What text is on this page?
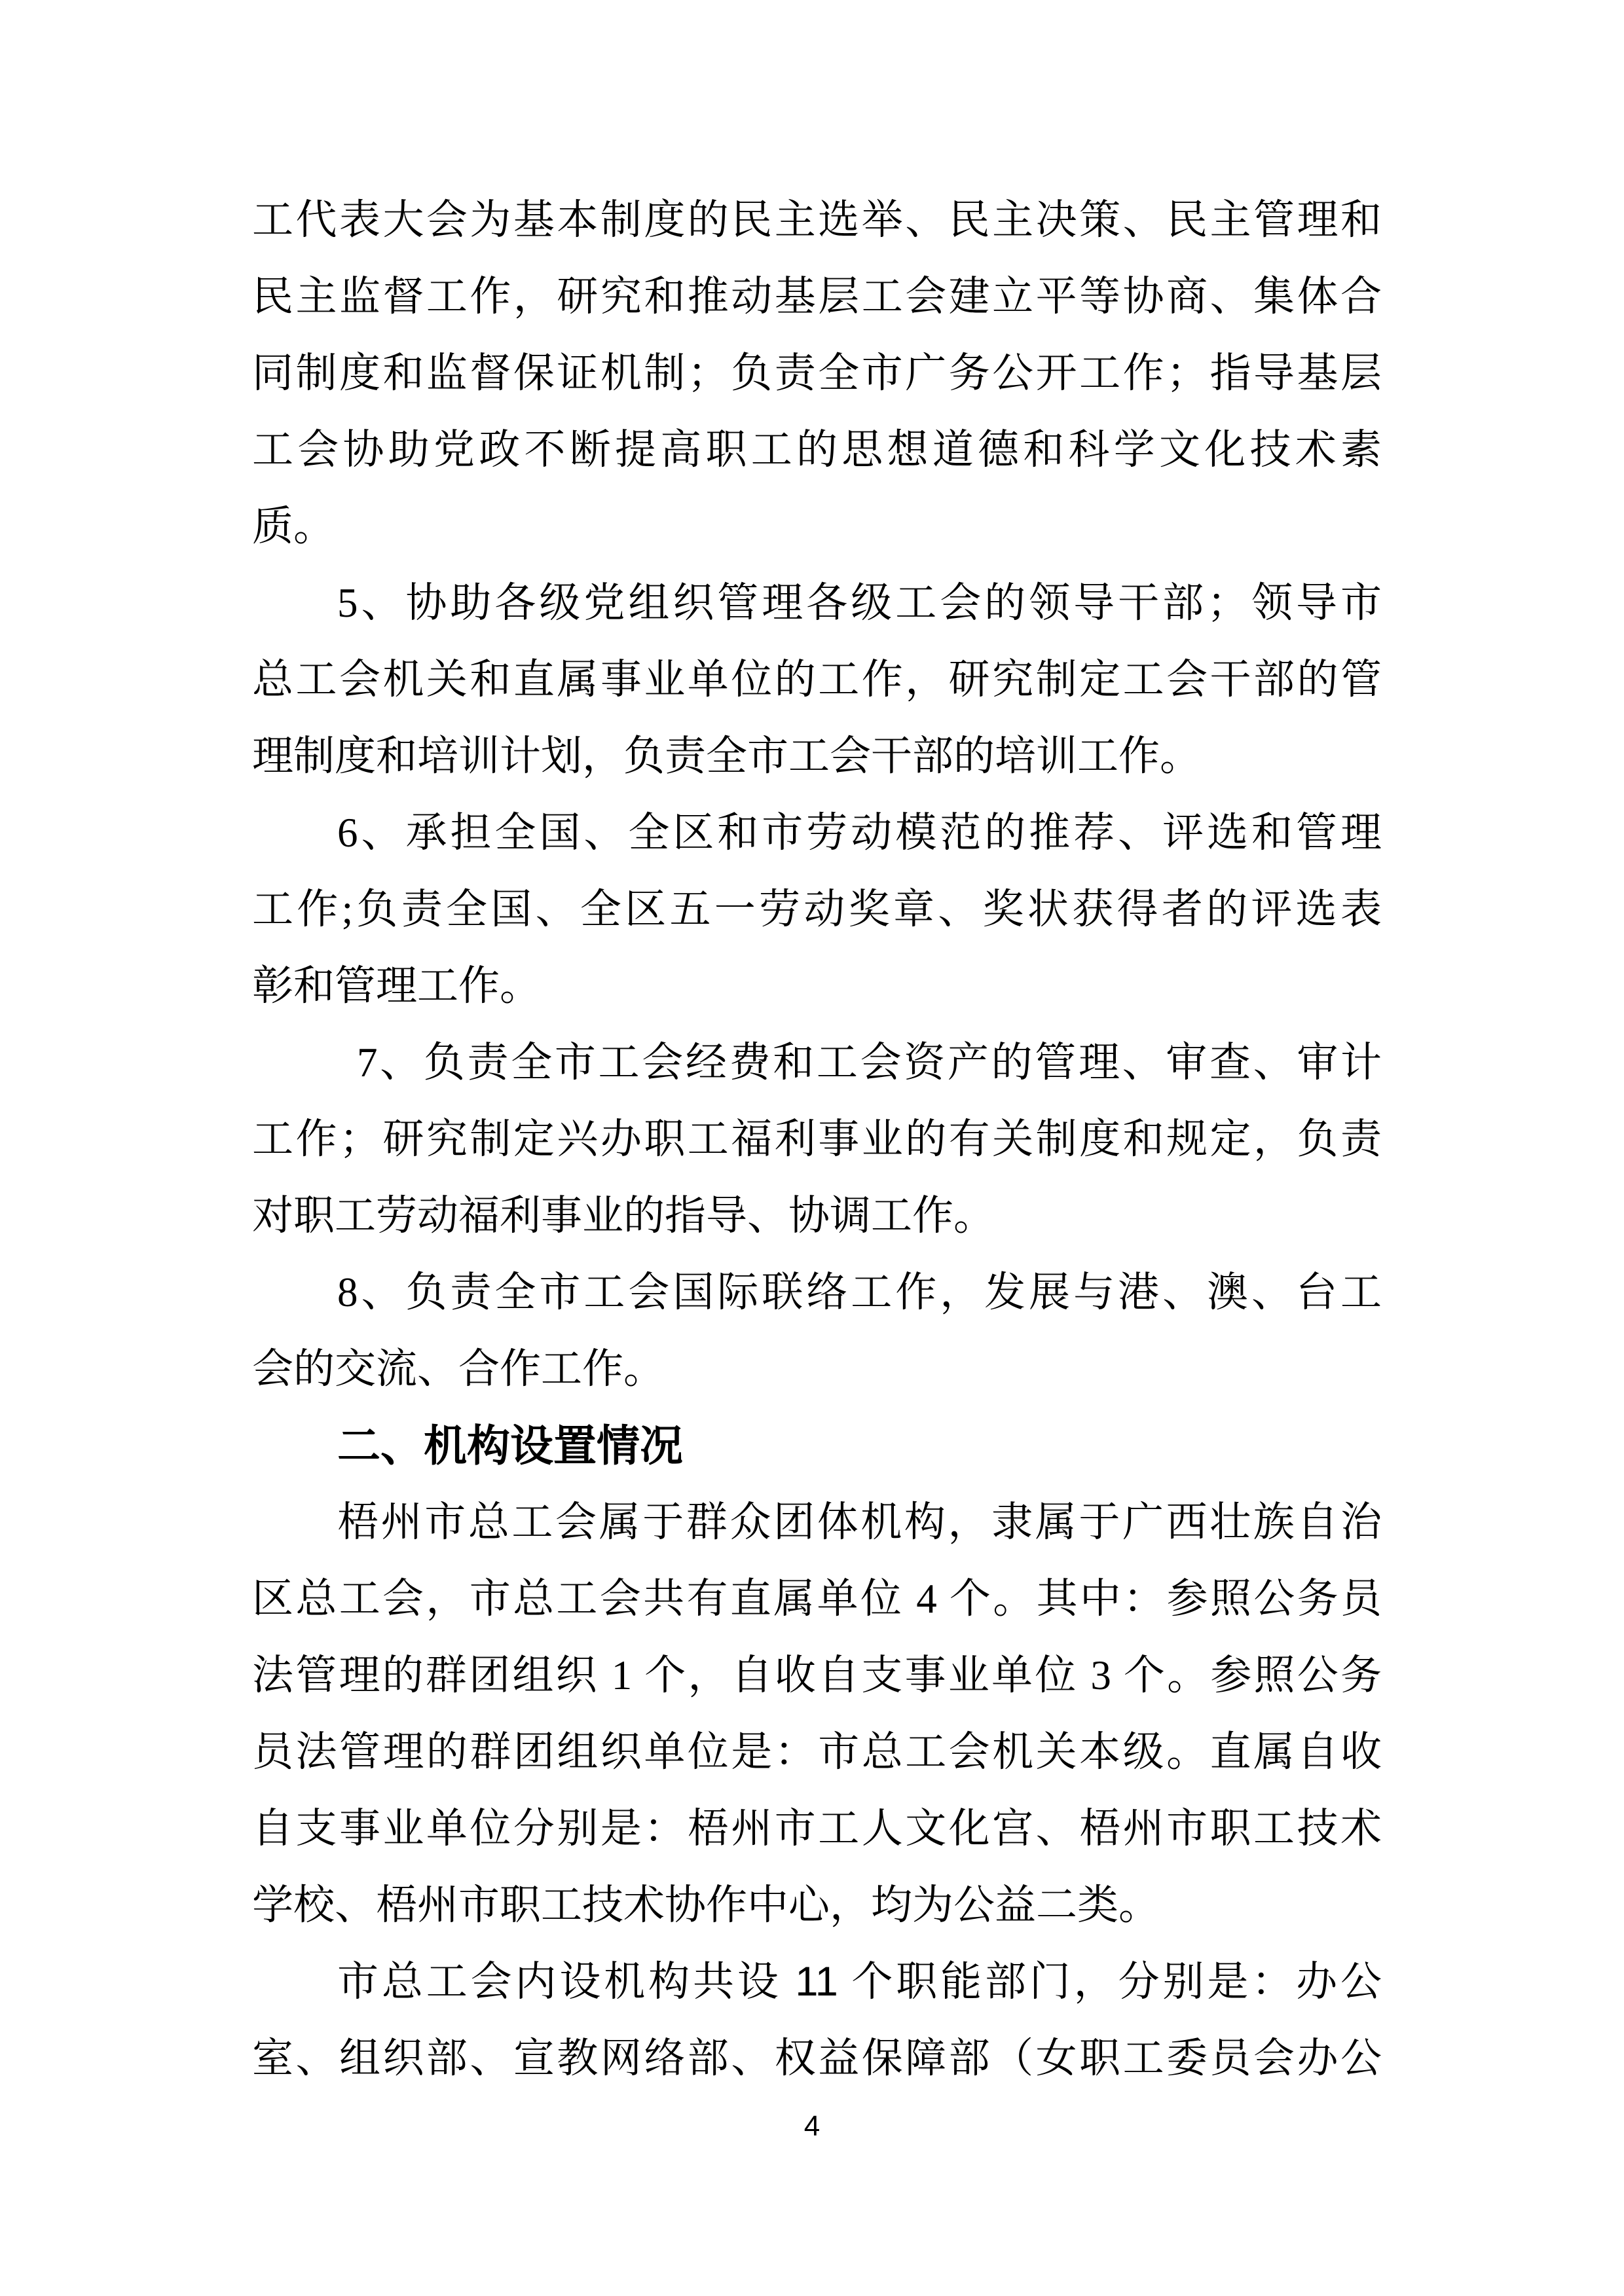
工代表大会为基本制度的民主选举、民主决策、民主管理和
民主监督工作，研究和推动基层工会建立平等协商、集体合
同制度和监督保证机制；负责全市广务公开工作；指导基层
工会协助党政不断提高职工的思想道德和科学文化技术素
质。
5、协助各级党组织管理各级工会的领导干部；领导市
总工会机关和直属事业单位的工作，研究制定工会干部的管
理制度和培训计划，负责全市工会干部的培训工作。
6、承担全国、全区和市劳动模范的推荐、评选和管理
工作;负责全国、全区五一劳动奖章、奖状获得者的评选表
彰和管理工作。
7、负责全市工会经费和工会资产的管理、审查、审计
工作；研究制定兴办职工福利事业的有关制度和规定，负责
对职工劳动福利事业的指导、协调工作。
8、负责全市工会国际联络工作，发展与港、澳、台工
会的交流、合作工作。
二、机构设置情况
梧州市总工会属于群众团体机构，隶属于广西壮族自治
区总工会，市总工会共有直属单位 4 个。其中：参照公务员
法管理的群团组织 1 个，自收自支事业单位 3 个。参照公务
员法管理的群团组织单位是：市总工会机关本级。直属自收
自支事业单位分别是：梧州市工人文化宫、梧州市职工技术
学校、梧州市职工技术协作中心，均为公益二类。
市总工会内设机构共设 11 个职能部门，分别是：办公
室、组织部、宣教网络部、权益保障部（女职工委员会办公
4
